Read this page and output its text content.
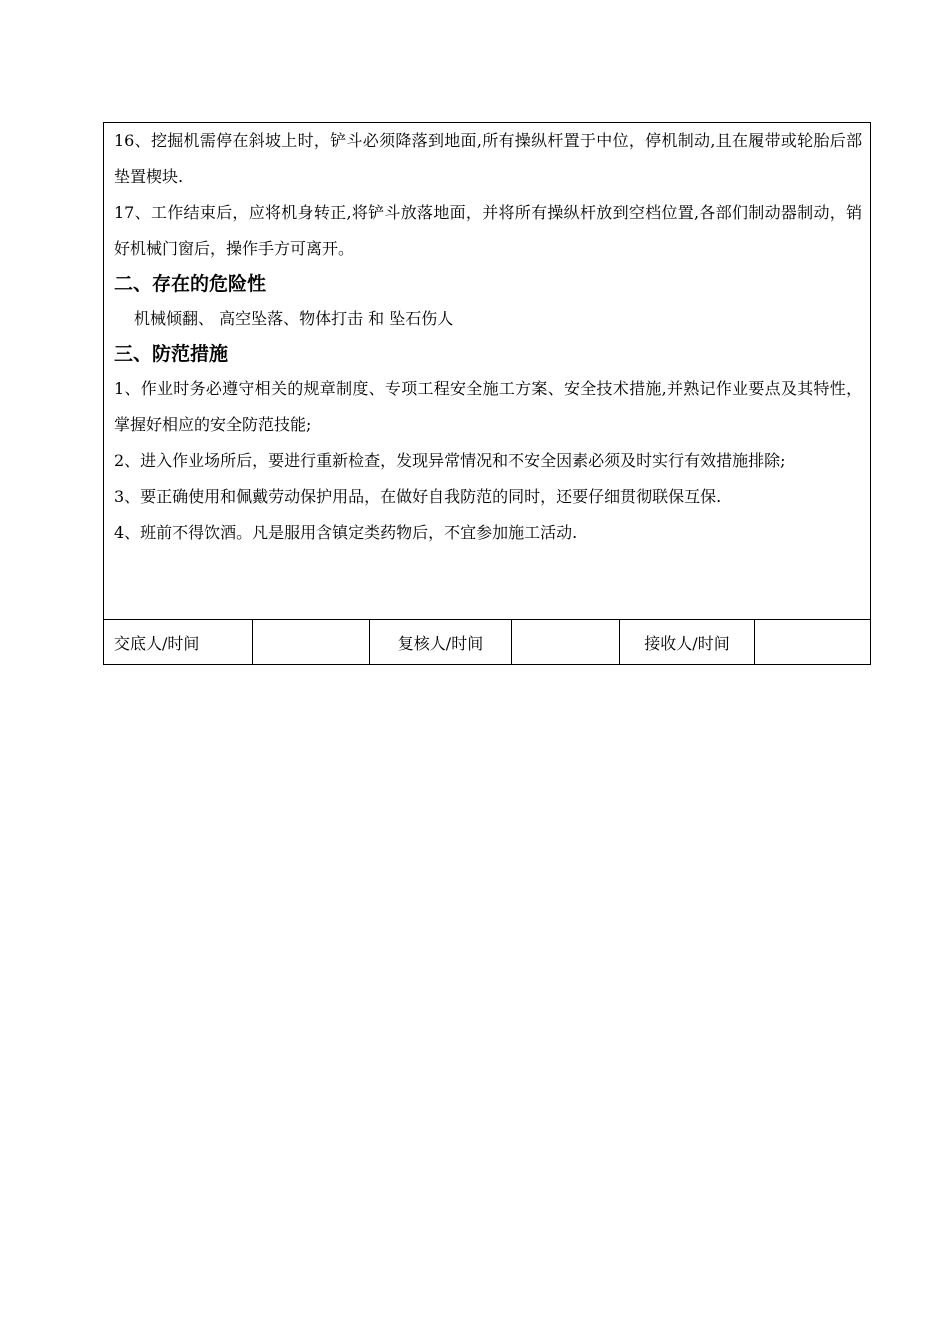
16、挖掘机需停在斜坡上时，铲斗必须降落到地面,所有操纵杆置于中位，停机制动,且在履带或轮胎后部垫置楔块.

17、工作结束后，应将机身转正,将铲斗放落地面，并将所有操纵杆放到空档位置,各部们制动器制动，销好机械门窗后，操作手方可离开。

二、存在的危险性

机械倾翻、 高空坠落、物体打击 和 坠石伤人

三、防范措施

1、作业时务必遵守相关的规章制度、专项工程安全施工方案、安全技术措施,并熟记作业要点及其特性，掌握好相应的安全防范技能;

2、进入作业场所后，要进行重新检查，发现异常情况和不安全因素必须及时实行有效措施排除;

3、要正确使用和佩戴劳动保护用品，在做好自我防范的同时，还要仔细贯彻联保互保.

4、班前不得饮酒。凡是服用含镇定类药物后，不宜参加施工活动.

交底人/时间		复核人/时间		接收人/时间	
